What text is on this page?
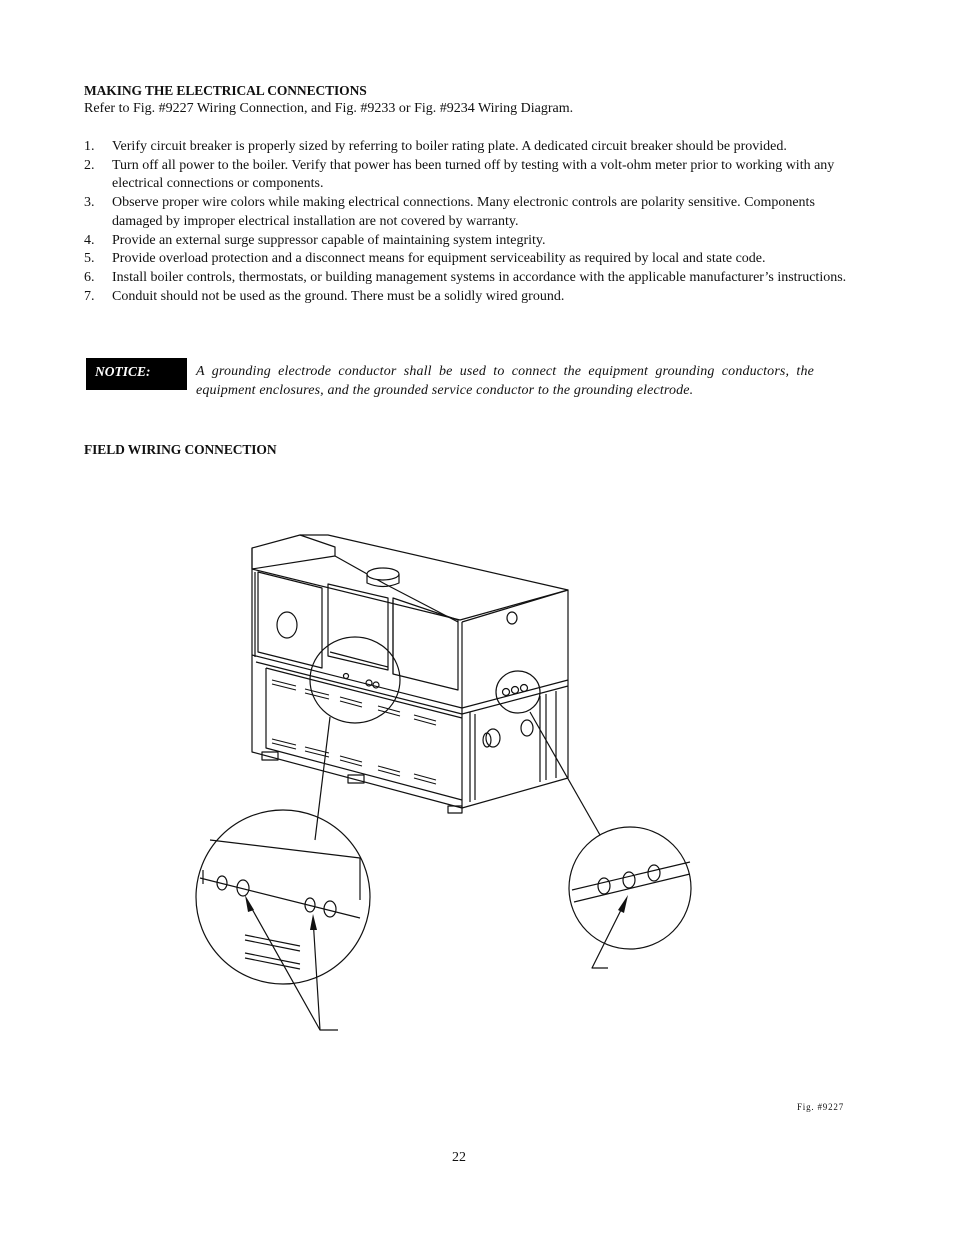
MAKING THE ELECTRICAL CONNECTIONS
Refer to Fig. #9227 Wiring Connection, and Fig. #9233 or Fig. #9234 Wiring Diagram.
1. Verify circuit breaker is properly sized by referring to boiler rating plate. A dedicated circuit breaker should be provided.
2. Turn off all power to the boiler. Verify that power has been turned off by testing with a volt-ohm meter prior to working with any electrical connections or components.
3. Observe proper wire colors while making electrical connections. Many electronic controls are polarity sensitive. Components damaged by improper electrical installation are not covered by warranty.
4. Provide an external surge suppressor capable of maintaining system integrity.
5. Provide overload protection and a disconnect means for equipment serviceability as required by local and state code.
6. Install boiler controls, thermostats, or building management systems in accordance with the applicable manufacturer’s instructions.
7. Conduit should not be used as the ground. There must be a solidly wired ground.
NOTICE:	A grounding electrode conductor shall be used to connect the equipment grounding conductors, the equipment enclosures, and the grounded service conductor to the grounding electrode.
FIELD WIRING CONNECTION
Fig. #9227
22
